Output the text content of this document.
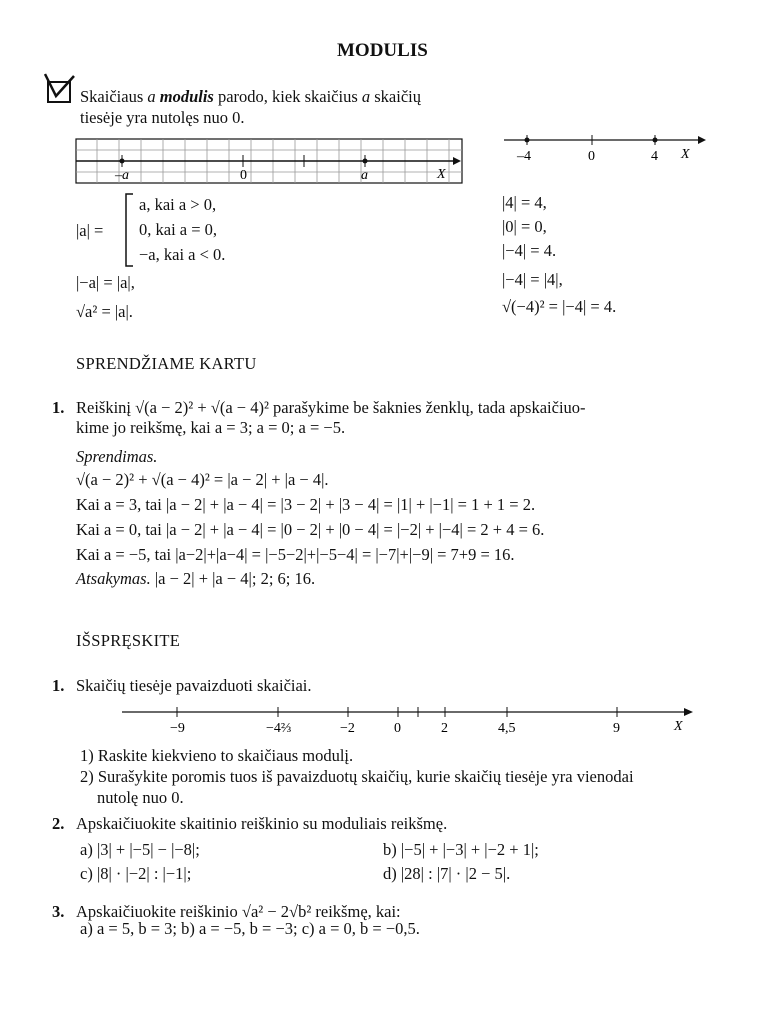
MODULIS
Skaičiaus a modulis parodo, kiek skaičius a skaičių
tiesėje yra nutolęs nuo 0.
–4	0	4 X
–a	0	a	X
|a| =
a, kai a > 0,
0, kai a = 0,
−a, kai a < 0.
|−a| = |a|,
√a² = |a|.
|4| = 4,
|0| = 0,
|−4| = 4.
|−4| = |4|,
√(−4)² = |−4| = 4.
SPRENDŽIAME KARTU
1. Reiškinį √(a − 2)² + √(a − 4)² parašykime be šaknies ženklų, tada apskaičiuo-
kime jo reikšmę, kai a = 3; a = 0; a = −5.
Sprendimas.
√(a − 2)² + √(a − 4)² = |a − 2| + |a − 4|.
Kai a = 3, tai |a − 2| + |a − 4| = |3 − 2| + |3 − 4| = |1| + |−1| = 1 + 1 = 2.
Kai a = 0, tai |a − 2| + |a − 4| = |0 − 2| + |0 − 4| = |−2| + |−4| = 2 + 4 = 6.
Kai a = −5, tai |a−2|+|a−4| = |−5−2|+|−5−4| = |−7|+|−9| = 7+9 = 16.
Atsakymas. |a − 2| + |a − 4|; 2; 6; 16.
IŠSPRĘSKITE
1. Skaičių tiesėje pavaizduoti skaičiai.
−9	−4⅔	−2	0	2	4,5	9	X
1) Raskite kiekvieno to skaičiaus modulį.
2) Surašykite poromis tuos iš pavaizduotų skaičių, kurie skaičių tiesėje yra vienodai
nutolę nuo 0.
2. Apskaičiuokite skaitinio reiškinio su moduliais reikšmę.
a) |3| + |−5| − |−8|;	b) |−5| + |−3| + |−2 + 1|;
c) |8| · |−2| : |−1|;	d) |28| : |7| · |2 − 5|.
3. Apskaičiuokite reiškinio √a² − 2√b² reikšmę, kai:
a) a = 5, b = 3; b) a = −5, b = −3; c) a = 0, b = −0,5.
